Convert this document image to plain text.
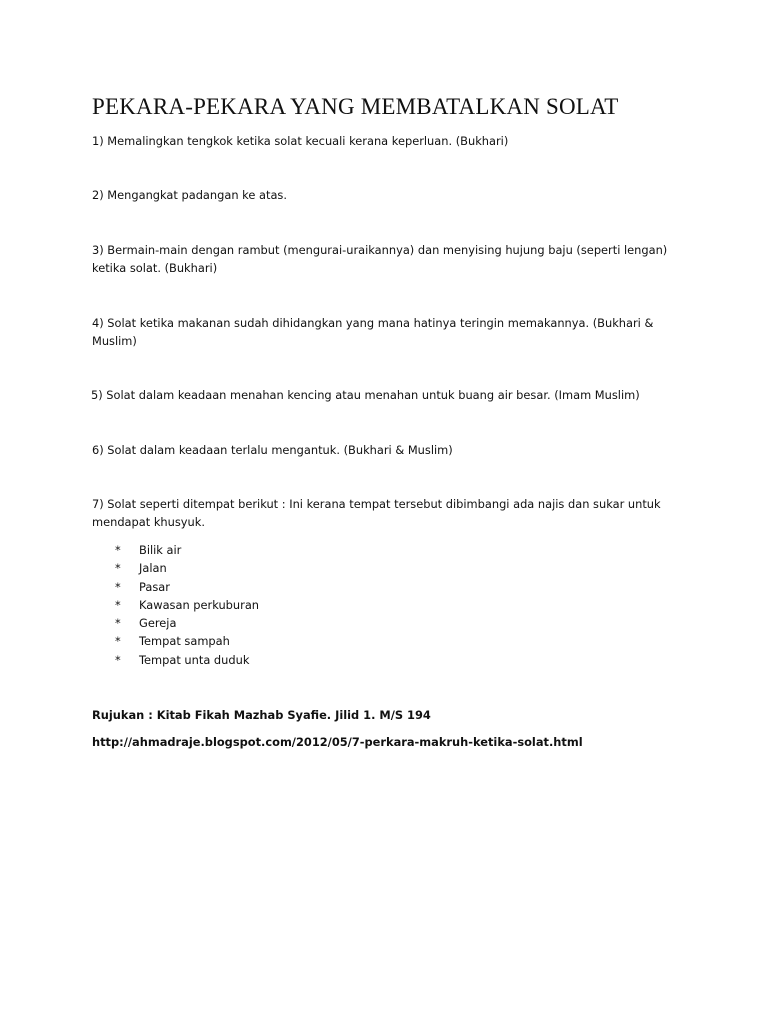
PEKARA-PEKARA YANG MEMBATALKAN SOLAT

1) Memalingkan tengkok ketika solat kecuali kerana keperluan. (Bukhari)

2) Mengangkat padangan ke atas.

3) Bermain-main dengan rambut (mengurai-uraikannya) dan menyising hujung baju (seperti lengan) ketika solat. (Bukhari)

4) Solat ketika makanan sudah dihidangkan yang mana hatinya teringin memakannya. (Bukhari & Muslim)

5) Solat dalam keadaan menahan kencing atau menahan untuk buang air besar. (Imam Muslim)

6) Solat dalam keadaan terlalu mengantuk. (Bukhari & Muslim)

7) Solat seperti ditempat berikut : Ini kerana tempat tersebut dibimbangi ada najis dan sukar untuk mendapat khusyuk.

* Bilik air
* Jalan
* Pasar
* Kawasan perkuburan
* Gereja
* Tempat sampah
* Tempat unta duduk

Rujukan : Kitab Fikah Mazhab Syafie. Jilid 1. M/S 194

http://ahmadraje.blogspot.com/2012/05/7-perkara-makruh-ketika-solat.html
